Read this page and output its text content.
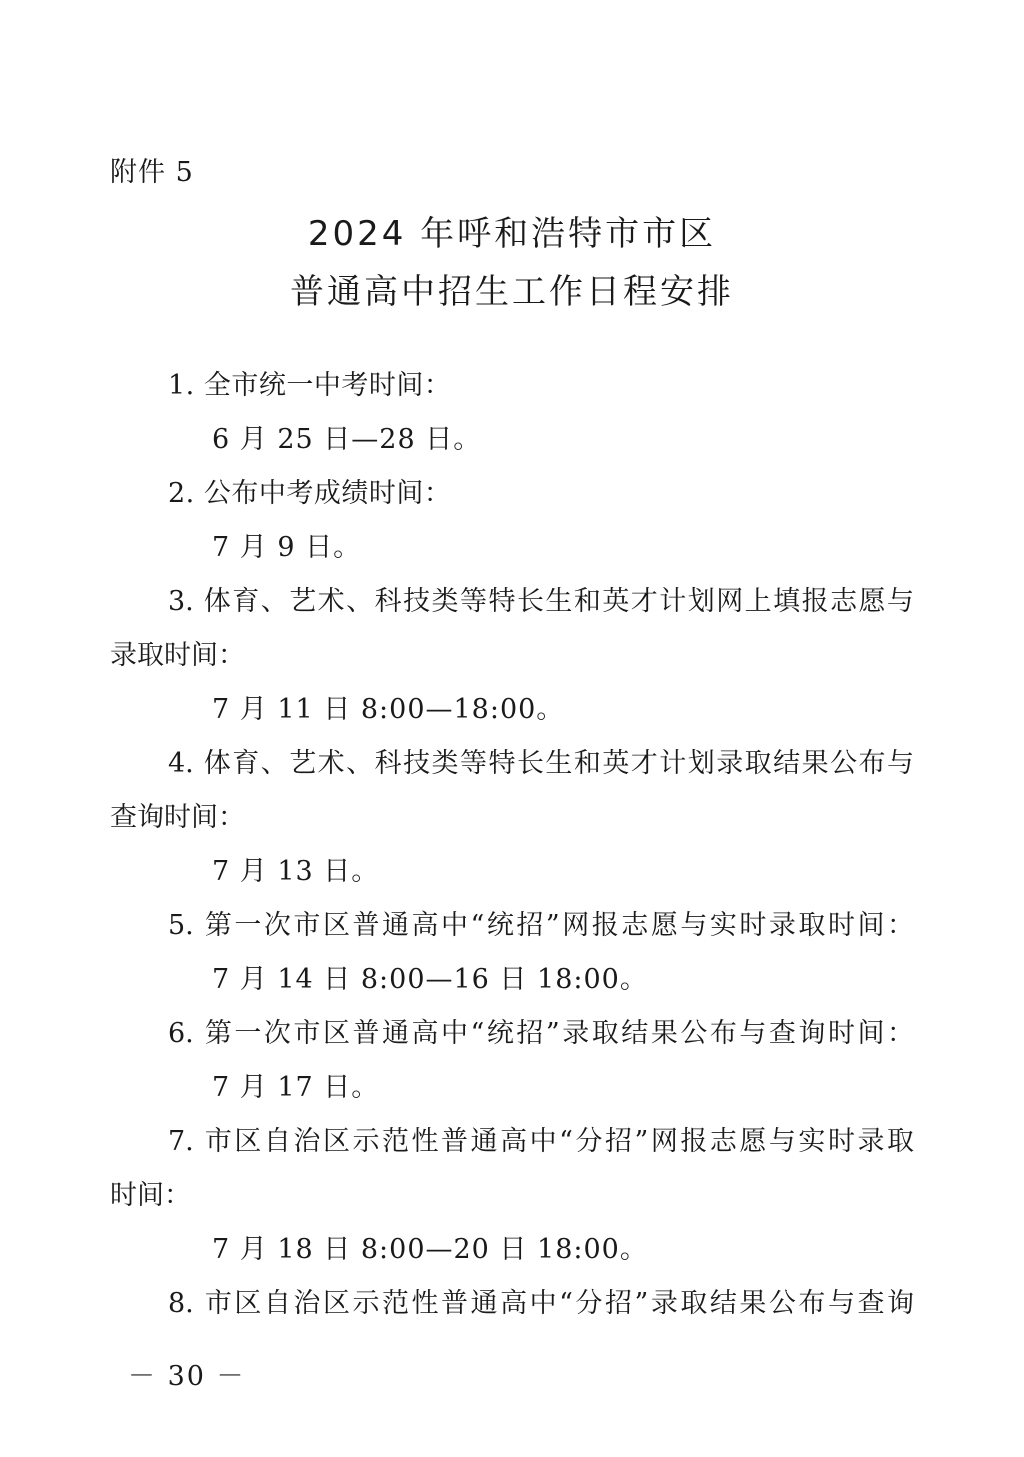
附件 5
2024 年呼和浩特市市区
普通高中招生工作日程安排
1. 全市统一中考时间：
6 月 25 日—28 日。
2. 公布中考成绩时间：
7 月 9 日。
3. 体育、艺术、科技类等特长生和英才计划网上填报志愿与
录取时间：
7 月 11 日 8:00—18:00。
4. 体育、艺术、科技类等特长生和英才计划录取结果公布与
查询时间：
7 月 13 日。
5. 第一次市区普通高中“统招”网报志愿与实时录取时间：
7 月 14 日 8:00—16 日 18:00。
6. 第一次市区普通高中“统招”录取结果公布与查询时间：
7 月 17 日。
7. 市区自治区示范性普通高中“分招”网报志愿与实时录取
时间：
7 月 18 日 8:00—20 日 18:00。
8. 市区自治区示范性普通高中“分招”录取结果公布与查询
－ 30 －
